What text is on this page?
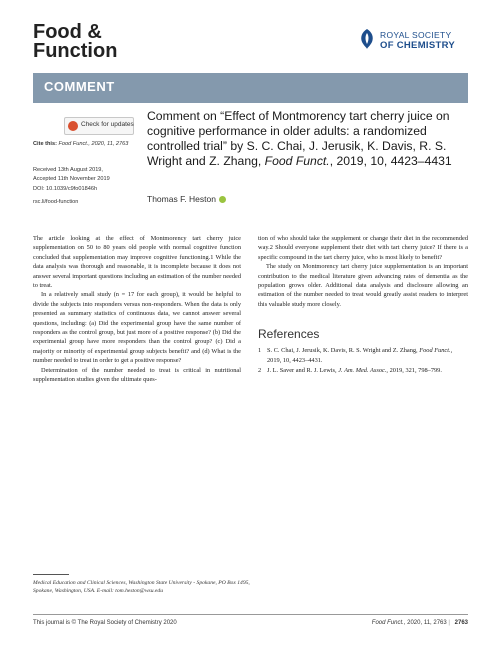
Food &
Function
ROYAL SOCIETY
OF CHEMISTRY
COMMENT
Check for updates
Cite this: Food Funct., 2020, 11, 2763
Received 13th August 2019,
Accepted 11th November 2019
DOI: 10.1039/c9fo01846h
rsc.li/food-function
Comment on “Effect of Montmorency tart cherry juice on cognitive performance in older adults: a randomized controlled trial” by S. C. Chai, J. Jerusik, K. Davis, R. S. Wright and Z. Zhang, Food Funct., 2019, 10, 4423–4431
Thomas F. Heston

The article looking at the effect of Montmorency tart cherry juice supplementation on 50 to 80 years old people with normal cognitive function concluded that supplementation may improve cognitive functioning.1 While the data analysis was thorough and reasonable, it is incomplete because it does not answer several important questions including an estimation of the number needed to treat.

In a relatively small study (n = 17 for each group), it would be helpful to divide the subjects into responders versus non-responders. When the data is only presented as summary statistics of continuous data, we cannot answer several questions, including: (a) Did the experimental group have the same number of responders as the control group, but just more of a positive response? (b) Did the experimental group have more responders than the control group? (c) Did a majority or minority of experimental group subjects benefit? and (d) What is the number needed to treat in order to get a positive response?

Determination of the number needed to treat is critical in nutritional supplementation studies given the ultimate ques-

tion of who should take the supplement or change their diet in the recommended way.2 Should everyone supplement their diet with tart cherry juice? If there is a specific compound in the tart cherry juice, who is most likely to benefit?

The study on Montmorency tart cherry juice supplementation is an important contribution to the medical literature given advancing rates of dementia as the population grows older. Additional data analysis and disclosure allowing an estimation of the number needed to treat would greatly assist readers to interpret this valuable study more closely.

References
1 S. C. Chai, J. Jerusik, K. Davis, R. S. Wright and Z. Zhang, Food Funct., 2019, 10, 4423–4431.
2 J. L. Saver and R. J. Lewis, J. Am. Med. Assoc., 2019, 321, 798–799.
Medical Education and Clinical Sciences, Washington State University - Spokane, PO Box 1495, Spokane, Washington, USA. E-mail: tom.heston@wsu.edu
This journal is © The Royal Society of Chemistry 2020	Food Funct., 2020, 11, 2763 | 2763
